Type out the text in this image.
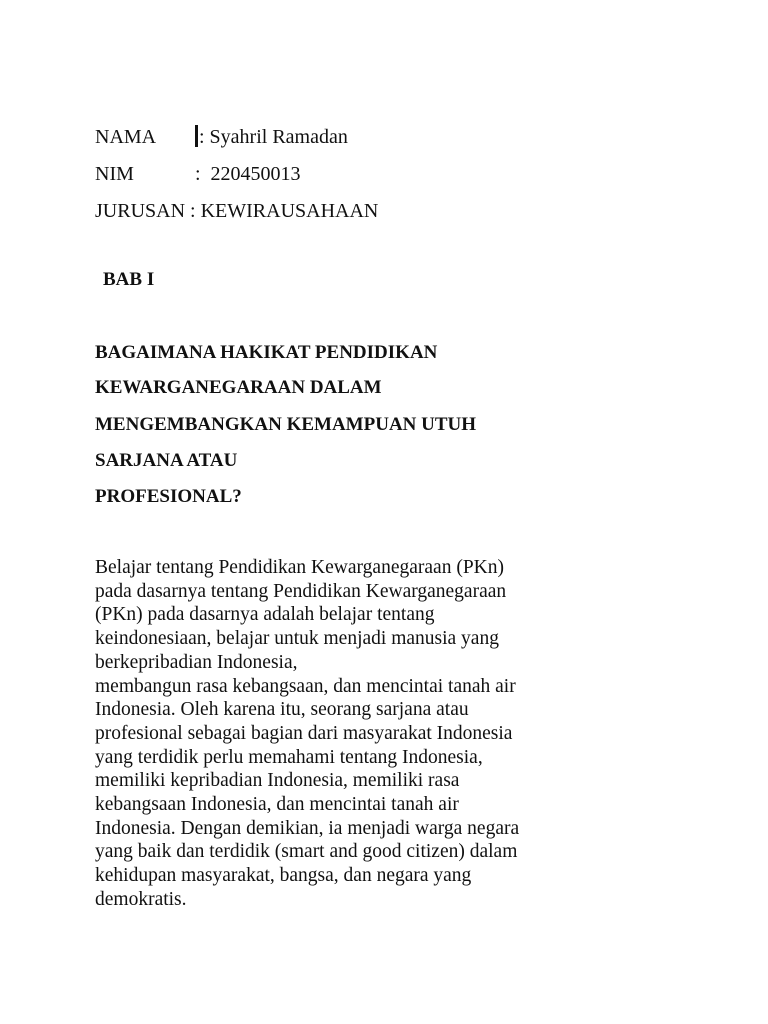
NAMA : Syahril Ramadan
NIM	:  220450013
JURUSAN : KEWIRAUSAHAAN
BAB I
BAGAIMANA HAKIKAT PENDIDIKAN
KEWARGANEGARAAN DALAM
MENGEMBANGKAN KEMAMPUAN UTUH
SARJANA ATAU
PROFESIONAL?
Belajar tentang Pendidikan Kewarganegaraan (PKn)
pada dasarnya tentang Pendidikan Kewarganegaraan
(PKn) pada dasarnya adalah belajar tentang
keindonesiaan, belajar untuk menjadi manusia yang
berkepribadian Indonesia,
membangun rasa kebangsaan, dan mencintai tanah air
Indonesia. Oleh karena itu, seorang sarjana atau
profesional sebagai bagian dari masyarakat Indonesia
yang terdidik perlu memahami tentang Indonesia,
memiliki kepribadian Indonesia, memiliki rasa
kebangsaan Indonesia, dan mencintai tanah air
Indonesia. Dengan demikian, ia menjadi warga negara
yang baik dan terdidik (smart and good citizen) dalam
kehidupan masyarakat, bangsa, dan negara yang
demokratis.
